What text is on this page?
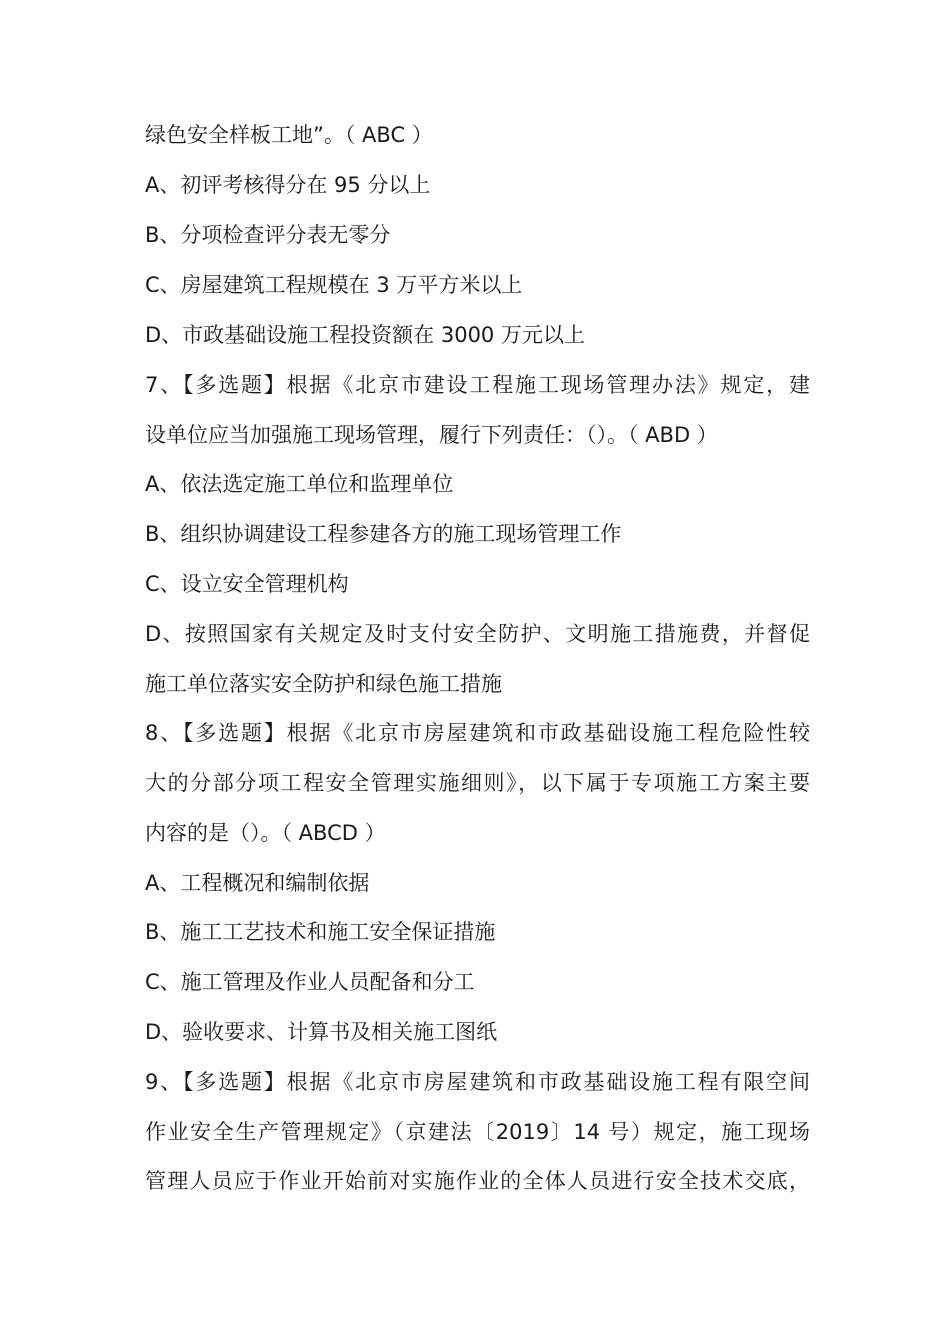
绿色安全样板工地”。（ ABC ）
A、初评考核得分在 95 分以上
B、分项检查评分表无零分
C、房屋建筑工程规模在 3 万平方米以上
D、市政基础设施工程投资额在 3000 万元以上
7、【多选题】根据《北京市建设工程施工现场管理办法》规定，建
设单位应当加强施工现场管理，履行下列责任：（）。（ ABD ）
A、依法选定施工单位和监理单位
B、组织协调建设工程参建各方的施工现场管理工作
C、设立安全管理机构
D、按照国家有关规定及时支付安全防护、文明施工措施费，并督促
施工单位落实安全防护和绿色施工措施
8、【多选题】根据《北京市房屋建筑和市政基础设施工程危险性较
大的分部分项工程安全管理实施细则》，以下属于专项施工方案主要
内容的是（）。（ ABCD ）
A、工程概况和编制依据
B、施工工艺技术和施工安全保证措施
C、施工管理及作业人员配备和分工
D、验收要求、计算书及相关施工图纸
9、【多选题】根据《北京市房屋建筑和市政基础设施工程有限空间
作业安全生产管理规定》（京建法〔2019〕14 号）规定，施工现场
管理人员应于作业开始前对实施作业的全体人员进行安全技术交底，
